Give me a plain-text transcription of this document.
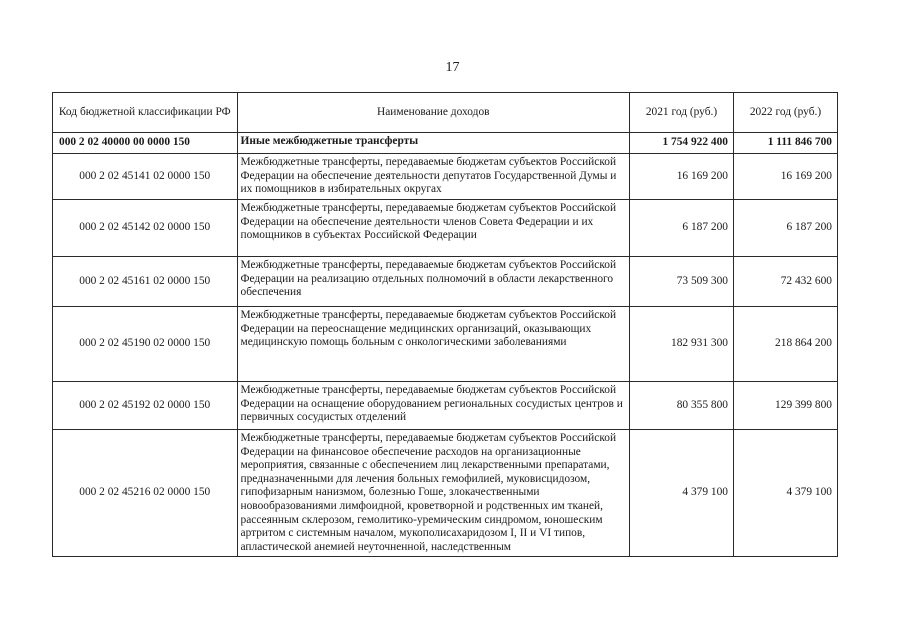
17
Код бюджетной классификации РФ	Наименование доходов	2021 год (руб.)	2022 год (руб.)
000 2 02 40000 00 0000 150	Иные межбюджетные трансферты	1 754 922 400	1 111 846 700
000 2 02 45141 02 0000 150	Межбюджетные трансферты, передаваемые бюджетам субъектов Российской Федерации на обеспечение деятельности депутатов Государственной Думы и их помощников в избирательных округах	16 169 200	16 169 200
000 2 02 45142 02 0000 150	Межбюджетные трансферты, передаваемые бюджетам субъектов Российской Федерации на обеспечение деятельности членов Совета Федерации и их помощников в субъектах Российской Федерации	6 187 200	6 187 200
000 2 02 45161 02 0000 150	Межбюджетные трансферты, передаваемые бюджетам субъектов Российской Федерации на реализацию отдельных полномочий в области лекарственного обеспечения	73 509 300	72 432 600
000 2 02 45190 02 0000 150	Межбюджетные трансферты, передаваемые бюджетам субъектов Российской Федерации на переоснащение медицинских организаций, оказывающих медицинскую помощь больным с онкологическими заболеваниями	182 931 300	218 864 200
000 2 02 45192 02 0000 150	Межбюджетные трансферты, передаваемые бюджетам субъектов Российской Федерации на оснащение оборудованием региональных сосудистых центров и первичных сосудистых отделений	80 355 800	129 399 800
000 2 02 45216 02 0000 150	Межбюджетные трансферты, передаваемые бюджетам субъектов Российской Федерации на финансовое обеспечение расходов на организационные мероприятия, связанные с обеспечением лиц лекарственными препаратами, предназначенными для лечения больных гемофилией, муковисцидозом, гипофизарным нанизмом, болезнью Гоше, злокачественными новообразованиями лимфоидной, кроветворной и родственных им тканей, рассеянным склерозом, гемолитико-уремическим синдромом, юношеским артритом с системным началом, мукополисахаридозом I, II и VI типов, апластической анемией неуточненной, наследственным	4 379 100	4 379 100
